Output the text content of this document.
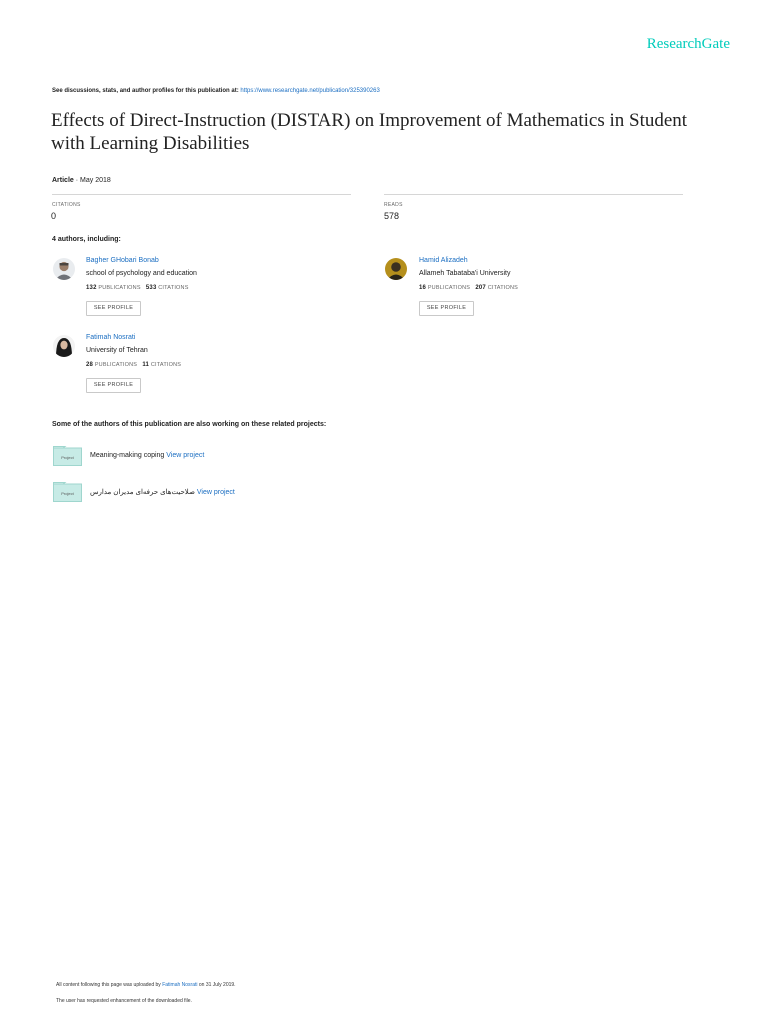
ResearchGate
See discussions, stats, and author profiles for this publication at: https://www.researchgate.net/publication/325390263
Effects of Direct-Instruction (DISTAR) on Improvement of Mathematics in Student with Learning Disabilities
Article · May 2018
CITATIONS
0
READS
578
4 authors, including:
Bagher GHobari Bonab
school of psychology and education
132 PUBLICATIONS 533 CITATIONS
SEE PROFILE
Hamid Alizadeh
Allameh Tabataba'i University
16 PUBLICATIONS 207 CITATIONS
SEE PROFILE
Fatimah Nosrati
University of Tehran
28 PUBLICATIONS 11 CITATIONS
SEE PROFILE
Some of the authors of this publication are also working on these related projects:
Project Meaning-making coping View project
Project صلاحیت‌های حرفه‌ای مدیران مدارس View project
All content following this page was uploaded by Fatimah Nosrati on 31 July 2019.
The user has requested enhancement of the downloaded file.
